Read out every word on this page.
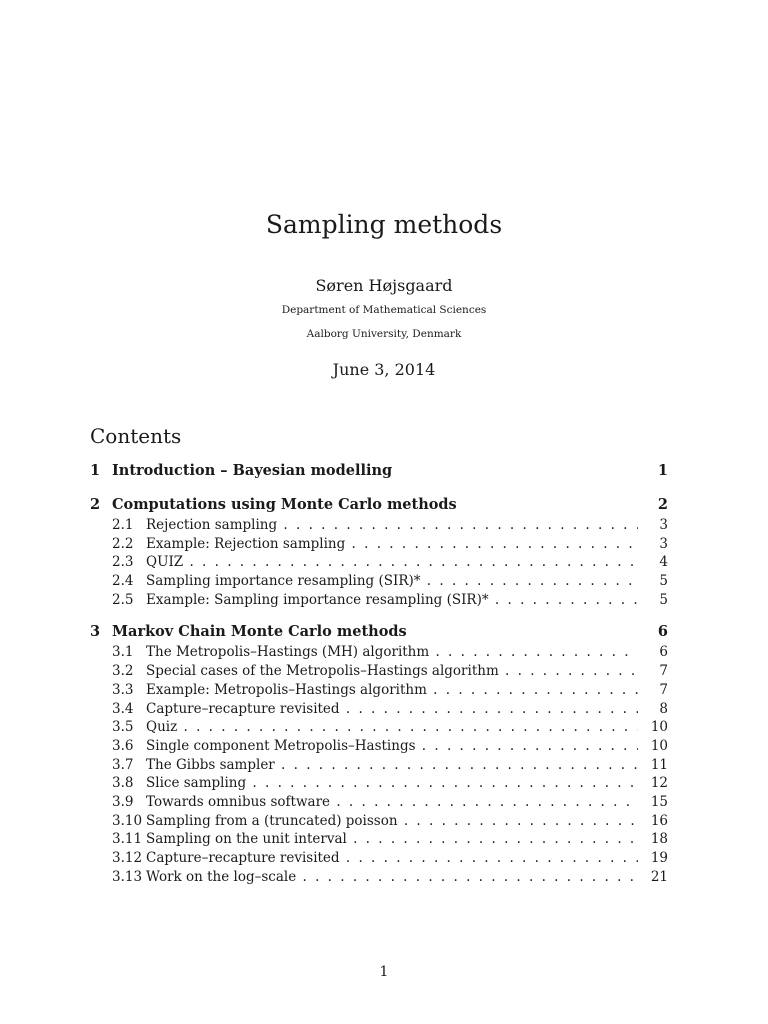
Sampling methods
Søren Højsgaard
Department of Mathematical Sciences
Aalborg University, Denmark
June 3, 2014
Contents
1 Introduction – Bayesian modelling	1
2 Computations using Monte Carlo methods	2
2.1 Rejection sampling . . .	3
2.2 Example: Rejection sampling . . .	3
2.3 QUIZ . . .	4
2.4 Sampling importance resampling (SIR)* . . .	5
2.5 Example: Sampling importance resampling (SIR)* . . .	5
3 Markov Chain Monte Carlo methods	6
3.1 The Metropolis–Hastings (MH) algorithm . . .	6
3.2 Special cases of the Metropolis–Hastings algorithm . . .	7
3.3 Example: Metropolis–Hastings algorithm . . .	7
3.4 Capture–recapture revisited . . .	8
3.5 Quiz . . .	10
3.6 Single component Metropolis–Hastings . . .	10
3.7 The Gibbs sampler . . .	11
3.8 Slice sampling . . .	12
3.9 Towards omnibus software . . .	15
3.10 Sampling from a (truncated) poisson . . .	16
3.11 Sampling on the unit interval . . .	18
3.12 Capture–recapture revisited . . .	19
3.13 Work on the log–scale . . .	21
1
